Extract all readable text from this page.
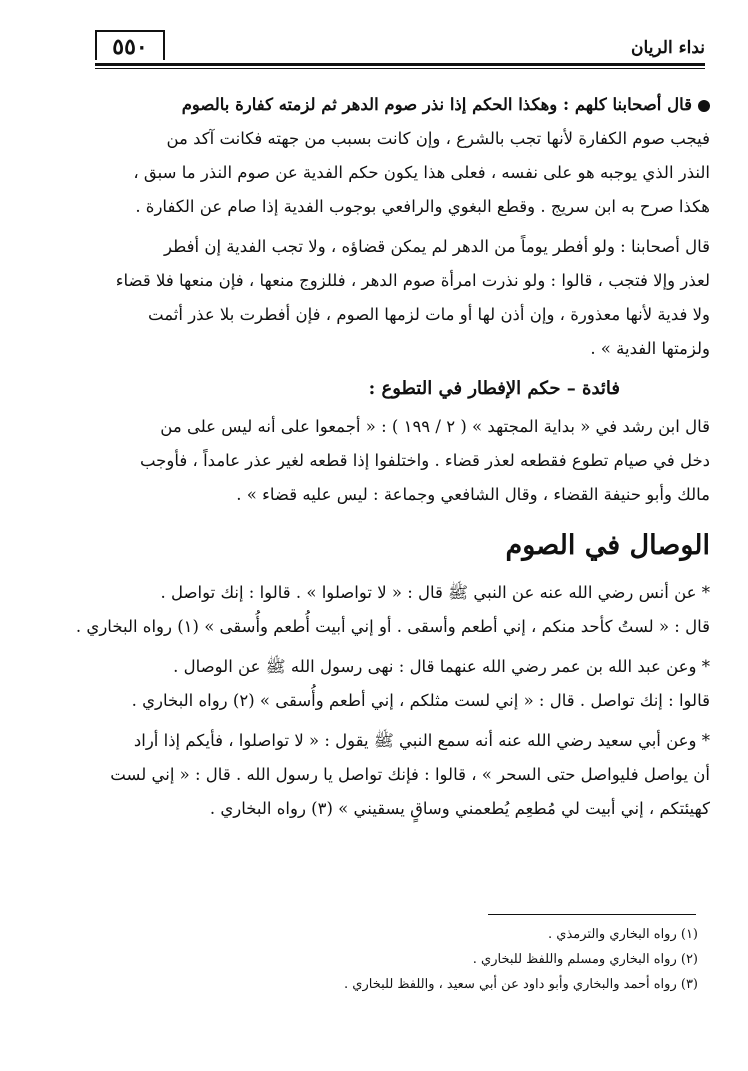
نداء الريان
٥٥٠
قال أصحابنا كلهم : وهكذا الحكم إذا نذر صوم الدهر ثم لزمته كفارة بالصوم
فيجب صوم الكفارة لأنها تجب بالشرع ، وإن كانت بسبب من جهته فكانت آكد من
النذر الذي يوجبه هو على نفسه ، فعلى هذا يكون حكم الفدية عن صوم النذر ما سبق ،
هكذا صرح به ابن سريج . وقطع البغوي والرافعي بوجوب الفدية إذا صام عن الكفارة .
قال أصحابنا : ولو أفطر يوماً من الدهر لم يمكن قضاؤه ، ولا تجب الفدية إن أفطر
لعذر وإلا فتجب ، قالوا : ولو نذرت امرأة صوم الدهر ، فللزوج منعها ، فإن منعها فلا قضاء
ولا فدية لأنها معذورة ، وإن أذن لها أو مات لزمها الصوم ، فإن أفطرت بلا عذر أثمت
ولزمتها الفدية » .
فائدة – حكم الإفطار في التطوع :
قال ابن رشد في « بداية المجتهد » ( ٢ / ١٩٩ ) : « أجمعوا على أنه ليس على من
دخل في صيام تطوع فقطعه لعذر قضاء . واختلفوا إذا قطعه لغير عذر عامداً ، فأوجب
مالك وأبو حنيفة القضاء ، وقال الشافعي وجماعة : ليس عليه قضاء » .
الوصال في الصوم
* عن أنس رضي الله عنه عن النبي ﷺ قال : « لا تواصلوا » . قالوا : إنك تواصل .
قال : « لستُ كأحد منكم ، إني أطعم وأسقى . أو إني أبيت أُطعم وأُسقى » (١) رواه البخاري .
* وعن عبد الله بن عمر رضي الله عنهما قال : نهى رسول الله ﷺ عن الوصال .
قالوا : إنك تواصل . قال : « إني لست مثلكم ، إني أطعم وأُسقى » (٢) رواه البخاري .
* وعن أبي سعيد رضي الله عنه أنه سمع النبي ﷺ يقول : « لا تواصلوا ، فأيكم إذا أراد
أن يواصل فليواصل حتى السحر » ، قالوا : فإنك تواصل يا رسول الله . قال : « إني لست
كهيئتكم ، إني أبيت لي مُطعِم يُطعمني وساقٍ يسقيني » (٣) رواه البخاري .
(١) رواه البخاري والترمذي .
(٢) رواه البخاري ومسلم واللفظ للبخاري .
(٣) رواه أحمد والبخاري وأبو داود عن أبي سعيد ، واللفظ للبخاري .
